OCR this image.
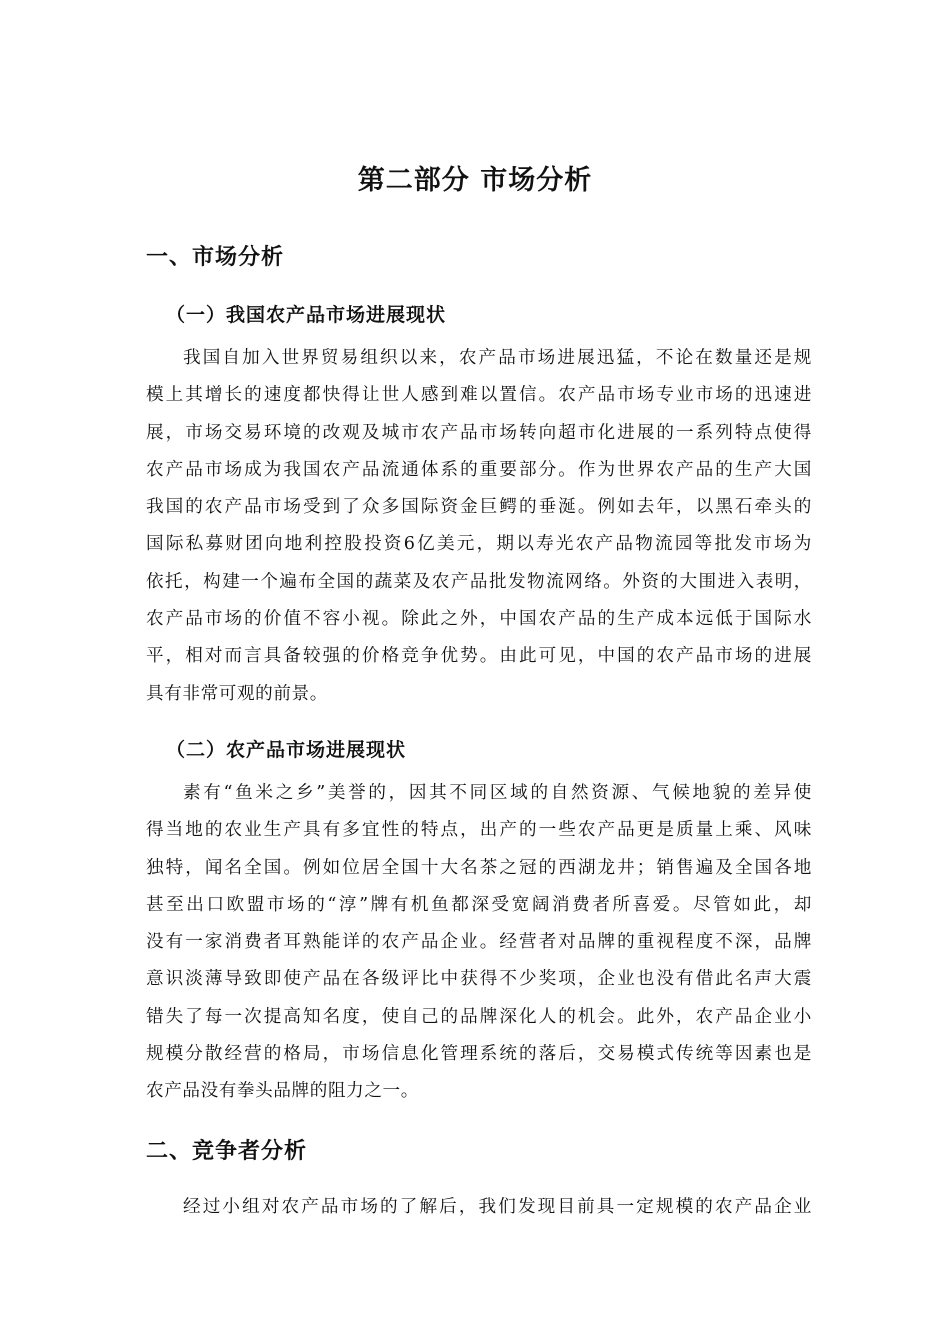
第二部分 市场分析
一、市场分析
（一）我国农产品市场进展现状
我国自加入世界贸易组织以来，农产品市场进展迅猛，不论在数量还是规
模上其增长的速度都快得让世人感到难以置信。农产品市场专业市场的迅速进
展，市场交易环境的改观及城市农产品市场转向超市化进展的一系列特点使得
农产品市场成为我国农产品流通体系的重要部分。作为世界农产品的生产大国
我国的农产品市场受到了众多国际资金巨鳄的垂涎。例如去年，以黑石牵头的
国际私募财团向地利控股投资6亿美元，期以寿光农产品物流园等批发市场为
依托，构建一个遍布全国的蔬菜及农产品批发物流网络。外资的大围进入表明，
农产品市场的价值不容小视。除此之外，中国农产品的生产成本远低于国际水
平，相对而言具备较强的价格竞争优势。由此可见，中国的农产品市场的进展
具有非常可观的前景。
（二）农产品市场进展现状
素有“鱼米之乡”美誉的，因其不同区域的自然资源、气候地貌的差异使
得当地的农业生产具有多宜性的特点，出产的一些农产品更是质量上乘、风味
独特，闻名全国。例如位居全国十大名茶之冠的西湖龙井；销售遍及全国各地
甚至出口欧盟市场的“淳”牌有机鱼都深受宽阔消费者所喜爱。尽管如此，却
没有一家消费者耳熟能详的农产品企业。经营者对品牌的重视程度不深，品牌
意识淡薄导致即使产品在各级评比中获得不少奖项，企业也没有借此名声大震
错失了每一次提高知名度，使自己的品牌深化人的机会。此外，农产品企业小
规模分散经营的格局，市场信息化管理系统的落后，交易模式传统等因素也是
农产品没有拳头品牌的阻力之一。
二、竞争者分析
经过小组对农产品市场的了解后，我们发现目前具一定规模的农产品企业
